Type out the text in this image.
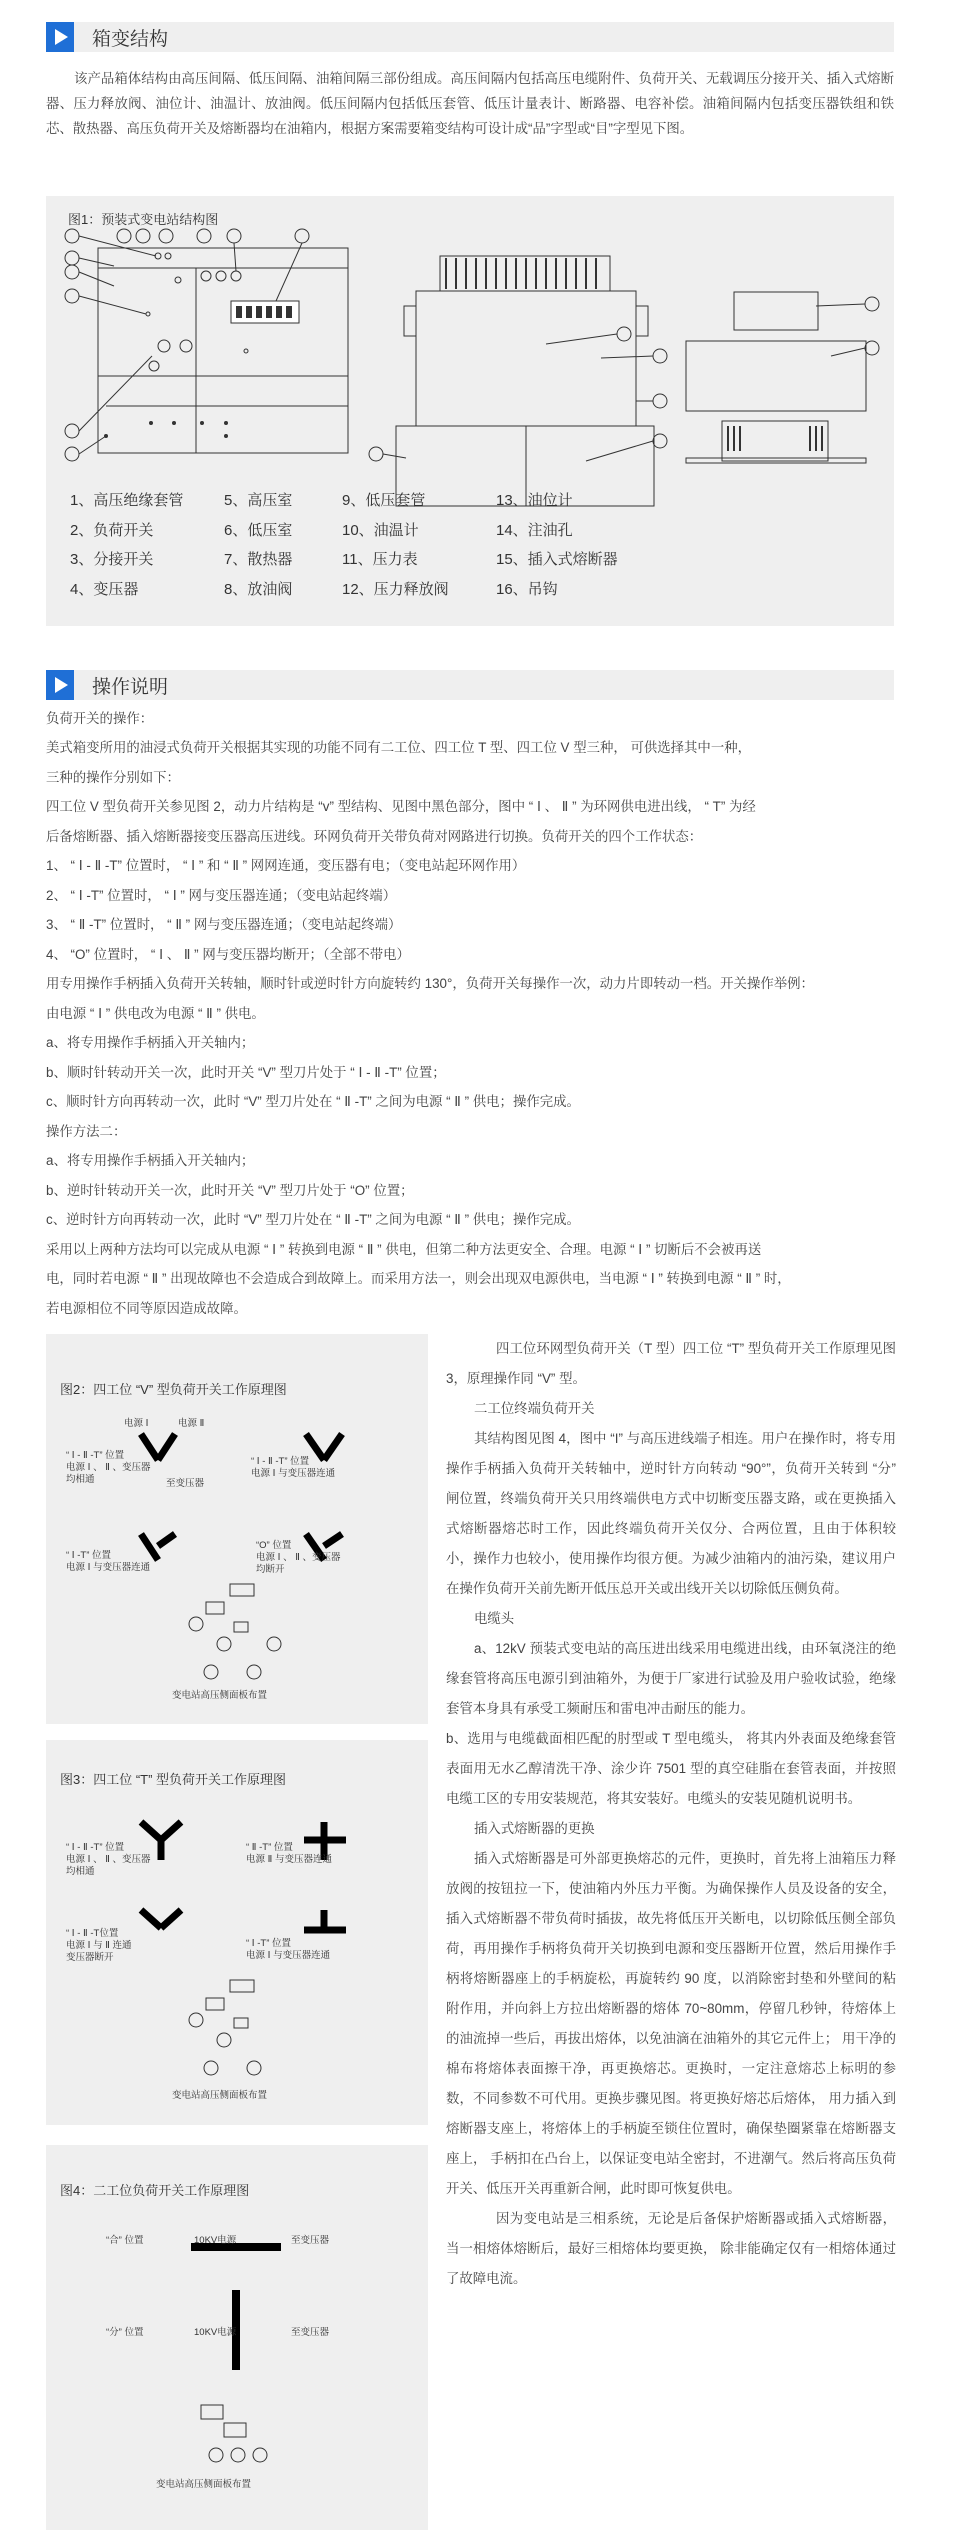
箱变结构
该产品箱体结构由高压间隔、低压间隔、油箱间隔三部份组成。高压间隔内包括高压电缆附件、负荷开关、无载调压分接开关、插入式熔断器、压力释放阀、油位计、油温计、放油阀。低压间隔内包括低压套管、低压计量表计、断路器、电容补偿。油箱间隔内包括变压器铁组和铁芯、散热器、高压负荷开关及熔断器均在油箱内，根据方案需要箱变结构可设计成“品”字型或“目”字型见下图。
图1：预装式变电站结构图
1、高压绝缘套管	5、高压室	9、低压套管	13、油位计
2、负荷开关	6、低压室	10、油温计	14、注油孔
3、分接开关	7、散热器	11、压力表	15、插入式熔断器
4、变压器	8、放油阀	12、压力释放阀	16、吊钩
操作说明
负荷开关的操作：
美式箱变所用的油浸式负荷开关根据其实现的功能不同有二工位、四工位 T 型、四工位 V 型三种， 可供选择其中一种，
三种的操作分别如下：
四工位 V 型负荷开关参见图 2，动力片结构是 “v” 型结构、见图中黑色部分，图中 “ Ⅰ 、 Ⅱ ” 为环网供电进出线， “ T” 为经
后备熔断器、插入熔断器接变压器高压进线。环网负荷开关带负荷对网路进行切换。负荷开关的四个工作状态：
1、 “ Ⅰ - Ⅱ -T” 位置时， “ Ⅰ ” 和 “ Ⅱ ” 网网连通，变压器有电；（变电站起环网作用）
2、 “ Ⅰ -T” 位置时， “ Ⅰ ” 网与变压器连通；（变电站起终端）
3、 “ Ⅱ -T” 位置时， “ Ⅱ ” 网与变压器连通；（变电站起终端）
4、 “O” 位置时， “ Ⅰ 、 Ⅱ ” 网与变压器均断开；（全部不带电）
用专用操作手柄插入负荷开关转轴，顺时针或逆时针方向旋转约 130°，负荷开关每操作一次，动力片即转动一档。开关操作举例：
由电源 “ Ⅰ ” 供电改为电源 “ Ⅱ ” 供电。
a、将专用操作手柄插入开关轴内；
b、顺时针转动开关一次，此时开关 “V” 型刀片处于 “ Ⅰ - Ⅱ -T” 位置；
c、顺时针方向再转动一次，此时 “V” 型刀片处在 “ Ⅱ -T” 之间为电源 “ Ⅱ ” 供电；操作完成。
操作方法二：
a、将专用操作手柄插入开关轴内；
b、逆时针转动开关一次，此时开关 “V” 型刀片处于 “O” 位置；
c、逆时针方向再转动一次，此时 “V” 型刀片处在 “ Ⅱ -T” 之间为电源 “ Ⅱ ” 供电；操作完成。
采用以上两种方法均可以完成从电源 “ Ⅰ ” 转换到电源 “ Ⅱ ” 供电，但第二种方法更安全、合理。电源 “ Ⅰ ” 切断后不会被再送
电，同时若电源 “ Ⅱ ” 出现故障也不会造成合到故障上。而采用方法一，则会出现双电源供电，当电源 “ Ⅰ ” 转换到电源 “ Ⅱ ” 时，
若电源相位不同等原因造成故障。

四工位环网型负荷开关（T 型）四工位 “T” 型负荷开关工作原理见图 3，原理操作同 “V” 型。

二工位终端负荷开关

其结构图见图 4，图中 “I” 与高压进线端子相连。用户在操作时，将专用操作手柄插入负荷开关转轴中，逆时针方向转动 “90°”，负荷开关转到 “分” 闸位置，终端负荷开关只用终端供电方式中切断变压器支路，或在更换插入式熔断器熔芯时工作，因此终端负荷开关仅分、合两位置，且由于体积较小，操作力也较小，使用操作均很方便。为减少油箱内的油污染，建议用户在操作负荷开关前先断开低压总开关或出线开关以切除低压侧负荷。

电缆头

a、12kV 预装式变电站的高压进出线采用电缆进出线，由环氧浇注的绝缘套管将高压电源引到油箱外，为便于厂家进行试验及用户验收试验，绝缘套管本身具有承受工频耐压和雷电冲击耐压的能力。

b、选用与电缆截面相匹配的肘型或 T 型电缆头， 将其内外表面及绝缘套管表面用无水乙醇清洗干净、涂少许 7501 型的真空硅脂在套管表面，并按照电缆工区的专用安装规范，将其安装好。电缆头的安装见随机说明书。

插入式熔断器的更换

插入式熔断器是可外部更换熔芯的元件，更换时，首先将上油箱压力释放阀的按钮拉一下，使油箱内外压力平衡。为确保操作人员及设备的安全，插入式熔断器不带负荷时插拔，故先将低压开关断电，以切除低压侧全部负荷，再用操作手柄将负荷开关切换到电源和变压器断开位置，然后用操作手柄将熔断器座上的手柄旋松，再旋转约 90 度，以消除密封垫和外壁间的粘附作用，并向斜上方拉出熔断器的熔体 70~80mm，停留几秒钟，待熔体上的油流掉一些后，再拔出熔体，以免油滴在油箱外的其它元件上； 用干净的棉布将熔体表面擦干净，再更换熔芯。更换时，一定注意熔芯上标明的参数，不同参数不可代用。更换步骤见图。将更换好熔芯后熔体， 用力插入到熔断器支座上，将熔体上的手柄旋至锁住位置时，确保垫圈紧靠在熔断器支座上， 手柄扣在凸台上，以保证变电站全密封，不进潮气。然后将高压负荷开关、低压开关再重新合闸，此时即可恢复供电。

因为变电站是三相系统，无论是后备保护熔断器或插入式熔断器，当一相熔体熔断后，最好三相熔体均要更换， 除非能确定仅有一相熔体通过了故障电流。

图2：四工位 “V” 型负荷开关工作原理图
电源 Ⅰ	电源 Ⅱ
“ Ⅰ - Ⅱ -T” 位置
电源 Ⅰ 、 Ⅱ 、变压器
均相通	至变压器
“ Ⅰ - Ⅱ -T” 位置
电源 Ⅰ 与变压器连通
“ Ⅰ -T” 位置
电源 Ⅰ 与变压器连通
“O” 位置
电源 Ⅰ 、 Ⅱ 、变压器
均断开
变电站高压侧面板布置
图3：四工位 “T” 型负荷开关工作原理图
“ Ⅰ - Ⅱ -T” 位置
电源 Ⅰ 、 Ⅱ 、变压器
均相通
“ Ⅱ -T” 位置
电源 Ⅱ 与变压器连通
“ Ⅰ - Ⅱ -T位置
电源 Ⅰ 与 Ⅱ 连通
变压器断开
“ Ⅰ -T” 位置
电源 Ⅰ 与变压器连通
变电站高压侧面板布置
图4：二工位负荷开关工作原理图
“合” 位置	10KV电源	至变压器
“分” 位置	10KV电源	至变压器
变电站高压侧面板布置
